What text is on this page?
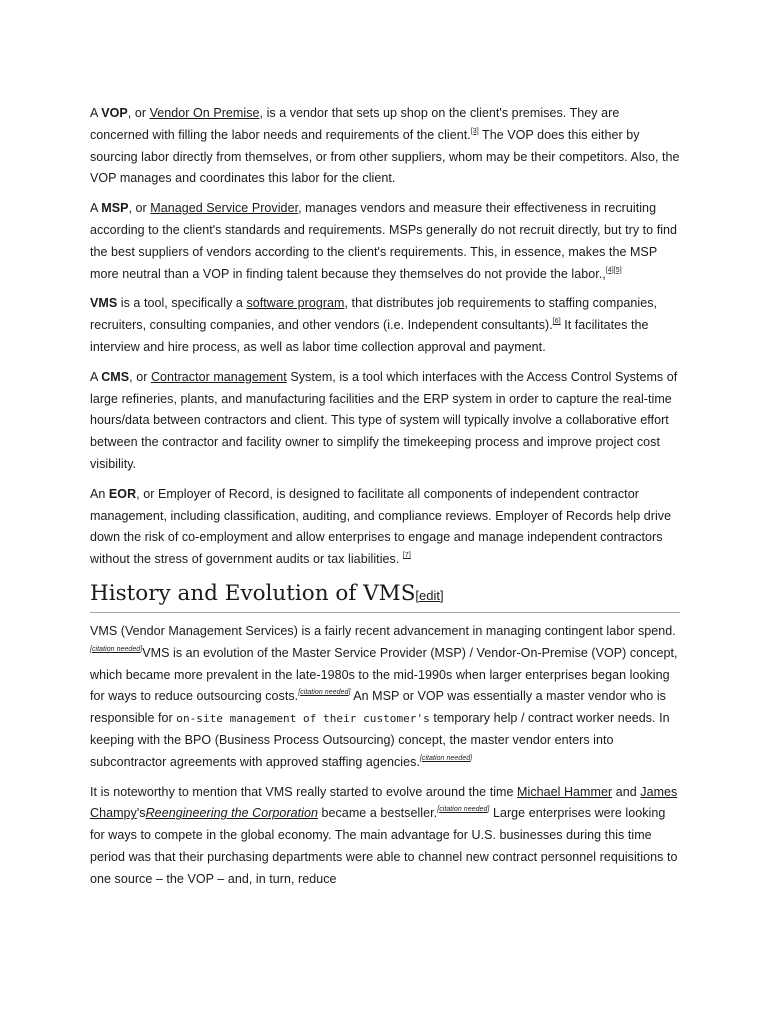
A VOP, or Vendor On Premise, is a vendor that sets up shop on the client's premises. They are concerned with filling the labor needs and requirements of the client.[3] The VOP does this either by sourcing labor directly from themselves, or from other suppliers, whom may be their competitors. Also, the VOP manages and coordinates this labor for the client.

A MSP, or Managed Service Provider, manages vendors and measure their effectiveness in recruiting according to the client's standards and requirements. MSPs generally do not recruit directly, but try to find the best suppliers of vendors according to the client's requirements. This, in essence, makes the MSP more neutral than a VOP in finding talent because they themselves do not provide the labor.,[4][5]

VMS is a tool, specifically a software program, that distributes job requirements to staffing companies, recruiters, consulting companies, and other vendors (i.e. Independent consultants).[6] It facilitates the interview and hire process, as well as labor time collection approval and payment.

A CMS, or Contractor management System, is a tool which interfaces with the Access Control Systems of large refineries, plants, and manufacturing facilities and the ERP system in order to capture the real-time hours/data between contractors and client. This type of system will typically involve a collaborative effort between the contractor and facility owner to simplify the timekeeping process and improve project cost visibility.

An EOR, or Employer of Record, is designed to facilitate all components of independent contractor management, including classification, auditing, and compliance reviews. Employer of Records help drive down the risk of co-employment and allow enterprises to engage and manage independent contractors without the stress of government audits or tax liabilities. [7]

History and Evolution of VMS[edit]

VMS (Vendor Management Services) is a fairly recent advancement in managing contingent labor spend.[citation needed]VMS is an evolution of the Master Service Provider (MSP) / Vendor-On-Premise (VOP) concept, which became more prevalent in the late-1980s to the mid-1990s when larger enterprises began looking for ways to reduce outsourcing costs.[citation needed] An MSP or VOP was essentially a master vendor who is responsible for on-site management of their customer's temporary help / contract worker needs. In keeping with the BPO (Business Process Outsourcing) concept, the master vendor enters into subcontractor agreements with approved staffing agencies.[citation needed]

It is noteworthy to mention that VMS really started to evolve around the time Michael Hammer and James Champy'sReengineering the Corporation became a bestseller.[citation needed] Large enterprises were looking for ways to compete in the global economy. The main advantage for U.S. businesses during this time period was that their purchasing departments were able to channel new contract personnel requisitions to one source – the VOP – and, in turn, reduce
